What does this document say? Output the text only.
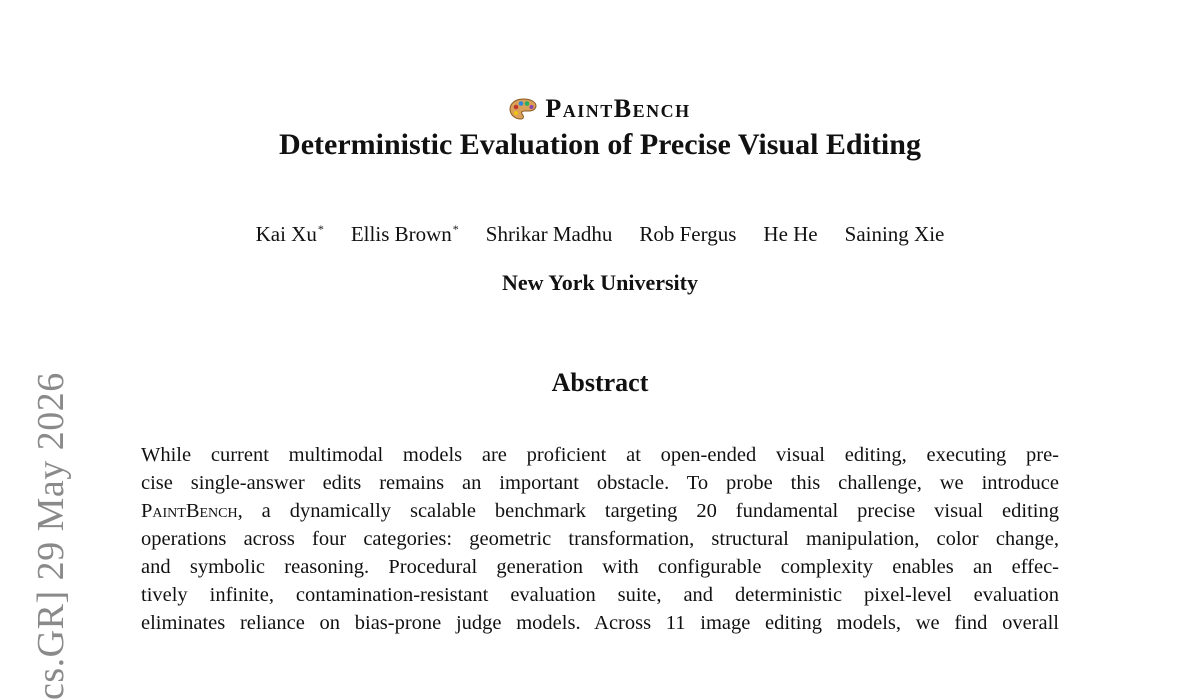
cs.GR] 29 May 2026
PaintBench
Deterministic Evaluation of Precise Visual Editing
Kai Xu* Ellis Brown* Shrikar Madhu Rob Fergus He He Saining Xie
New York University
Abstract
While current multimodal models are proficient at open-ended visual editing, executing pre-
cise single-answer edits remains an important obstacle. To probe this challenge, we introduce
PaintBench, a dynamically scalable benchmark targeting 20 fundamental precise visual editing
operations across four categories: geometric transformation, structural manipulation, color change,
and symbolic reasoning. Procedural generation with configurable complexity enables an effec-
tively infinite, contamination-resistant evaluation suite, and deterministic pixel-level evaluation
eliminates reliance on bias-prone judge models. Across 11 image editing models, we find overall
